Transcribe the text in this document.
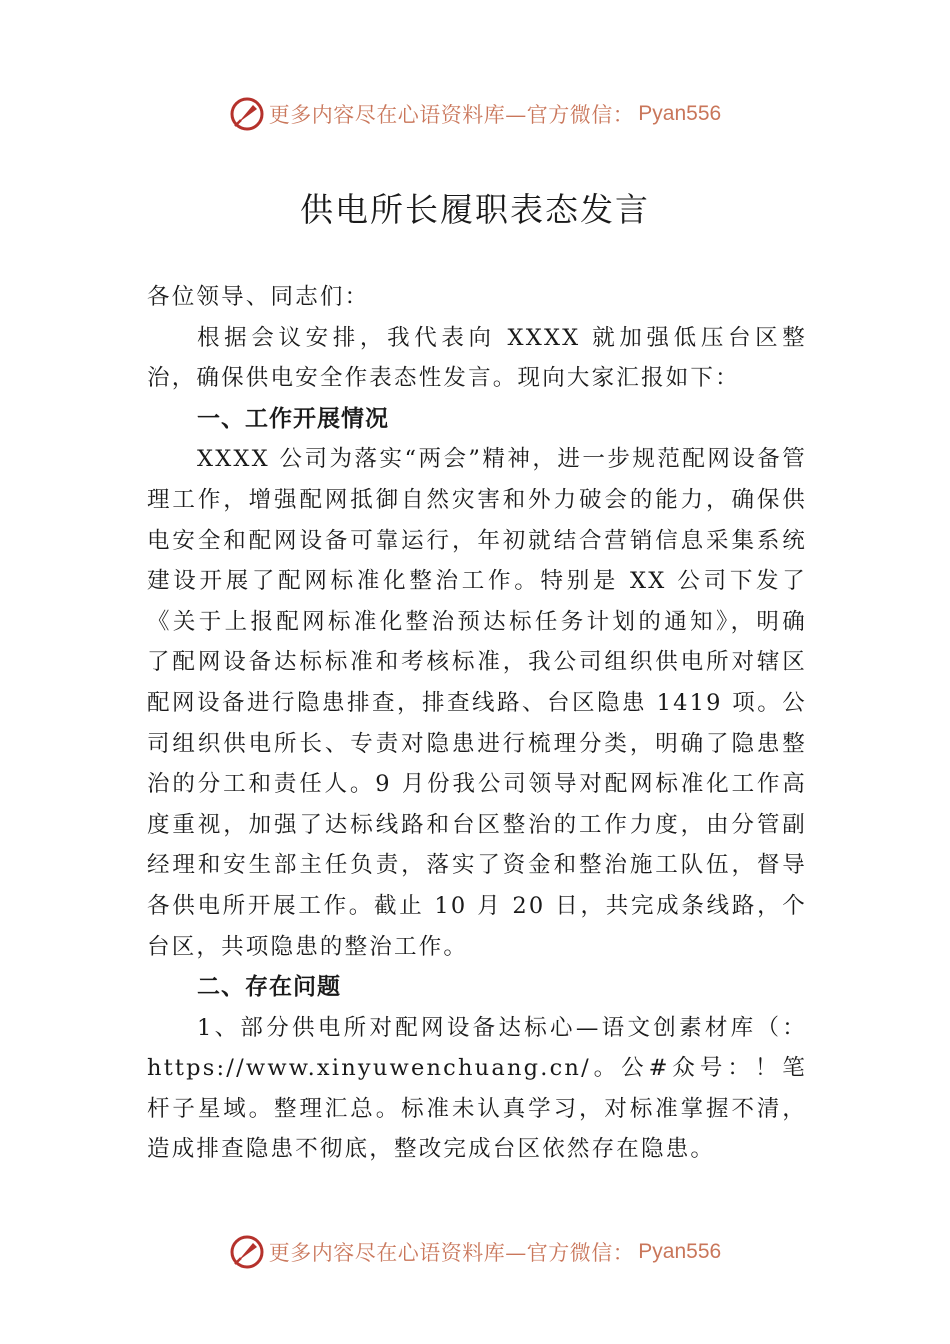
更多内容尽在心语资料库—官方微信： Pyan556
供电所长履职表态发言

各位领导、同志们：

根据会议安排，我代表向 XXXX 就加强低压台区整治，确保供电安全作表态性发言。现向大家汇报如下：

一、工作开展情况

XXXX 公司为落实“两会”精神，进一步规范配网设备管理工作，增强配网抵御自然灾害和外力破会的能力，确保供电安全和配网设备可靠运行，年初就结合营销信息采集系统建设开展了配网标准化整治工作。特别是 XX 公司下发了《关于上报配网标准化整治预达标任务计划的通知》，明确 了配网设备达标标准和考核标准，我公司组织供电所对辖区配网设备进行隐患排查，排查线路、台区隐患 1419 项。公司组织供电所长、专责对隐患进行梳理分类，明确了隐患整治的分工和责任人。9 月份我公司领导对配网标准化工作高度重视，加强了达标线路和台区整治的工作力度，由分管副经理和安生部主任负责，落实了资金和整治施工队伍，督导各供电所开展工作。截止 10 月 20 日，共完成条线路，个台区，共项隐患的整治工作。

二、存在问题

1、部分供电所对配网设备达标心—语文创素材库（：https://www.xinyuwenchuang.cn/。公#众号：！笔杆子星域。整理汇总。标准未认真学习，对标准掌握不清，造成排查隐患不彻底，整改完成台区依然存在隐患。

更多内容尽在心语资料库—官方微信： Pyan556
